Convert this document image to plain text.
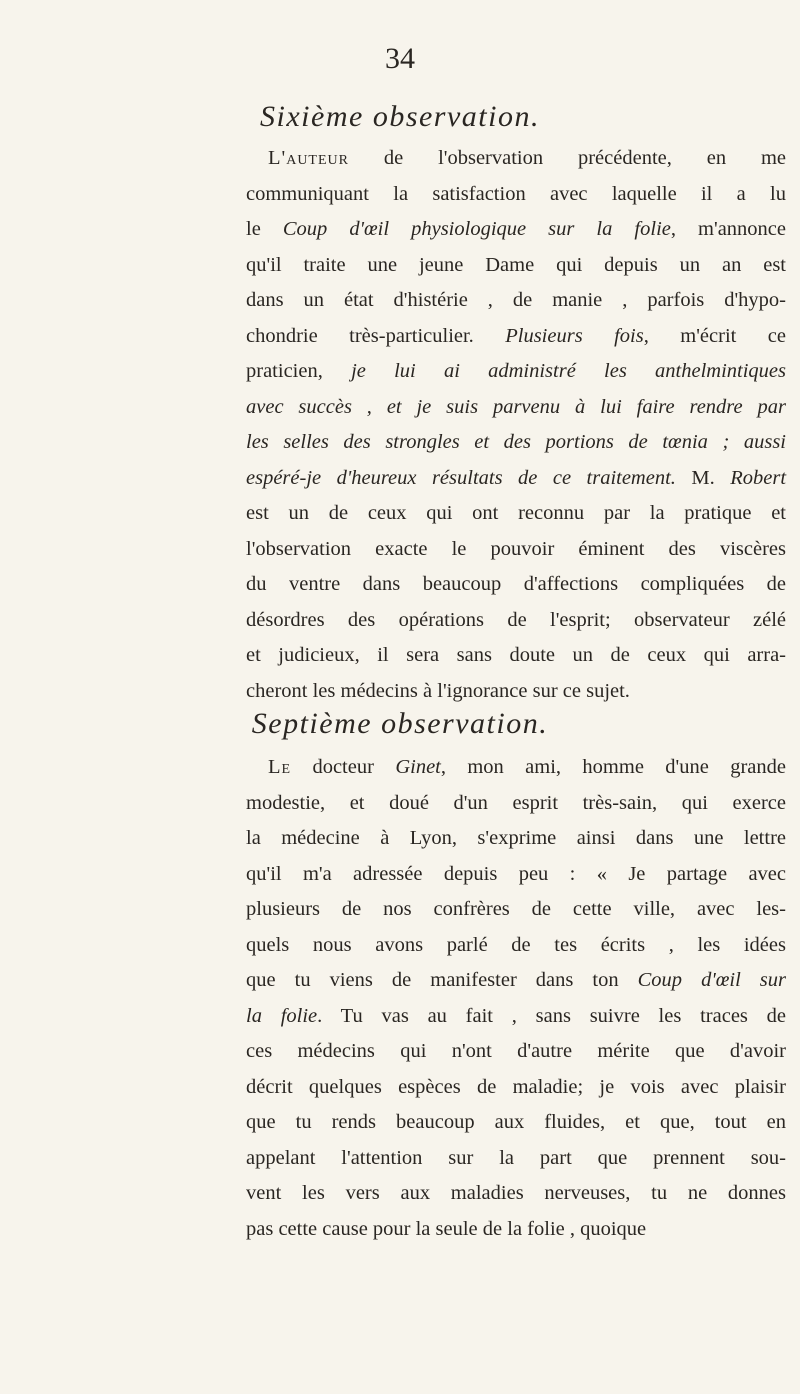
34
Sixième observation.
L'auteur de l'observation précédente, en me
communiquant la satisfaction avec laquelle il a lu
le Coup d'œil physiologique sur la folie, m'annonce
qu'il traite une jeune Dame qui depuis un an est
dans un état d'histérie , de manie , parfois d'hypo-
chondrie très-particulier. Plusieurs fois, m'écrit ce
praticien, je lui ai administré les anthelmintiques
avec succès , et je suis parvenu à lui faire rendre par
les selles des strongles et des portions de tœnia ; aussi
espéré-je d'heureux résultats de ce traitement. M. Robert
est un de ceux qui ont reconnu par la pratique et
l'observation exacte le pouvoir éminent des viscères
du ventre dans beaucoup d'affections compliquées de
désordres des opérations de l'esprit; observateur zélé
et judicieux, il sera sans doute un de ceux qui arra-
cheront les médecins à l'ignorance sur ce sujet.
Septième observation.
Le docteur Ginet, mon ami, homme d'une grande
modestie, et doué d'un esprit très-sain, qui exerce
la médecine à Lyon, s'exprime ainsi dans une lettre
qu'il m'a adressée depuis peu : « Je partage avec
plusieurs de nos confrères de cette ville, avec les-
quels nous avons parlé de tes écrits , les idées
que tu viens de manifester dans ton Coup d'œil sur
la folie. Tu vas au fait , sans suivre les traces de
ces médecins qui n'ont d'autre mérite que d'avoir
décrit quelques espèces de maladie; je vois avec plaisir
que tu rends beaucoup aux fluides, et que, tout en
appelant l'attention sur la part que prennent sou-
vent les vers aux maladies nerveuses, tu ne donnes
pas cette cause pour la seule de la folie , quoique
